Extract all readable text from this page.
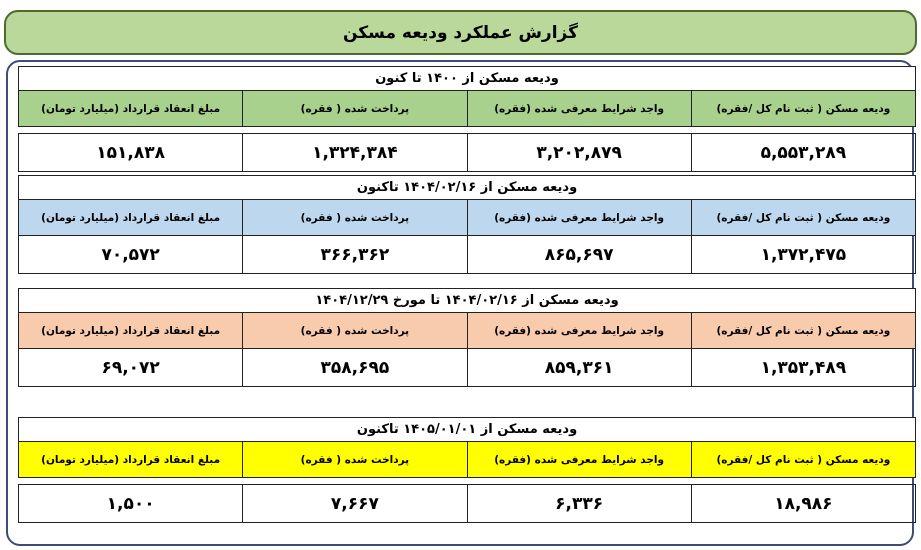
گزارش عملکرد ودیعه مسکن
ودیعه مسکن از ۱۴۰۰ تا کنون
ودیعه مسکن ( ثبت نام کل /فقره)	واجد شرایط معرفی شده (فقره)	پرداخت شده ( فقره)	مبلغ انعقاد قرارداد (میلیارد تومان)

۵,۵۵۳,۲۸۹	۳,۲۰۲,۸۷۹	۱,۳۲۴,۳۸۴	۱۵۱,۸۳۸
ودیعه مسکن از ۱۴۰۴/۰۲/۱۶ تاکنون
ودیعه مسکن ( ثبت نام کل /فقره)	واجد شرایط معرفی شده (فقره)	پرداخت شده ( فقره)	مبلغ انعقاد قرارداد (میلیارد تومان)
۱,۳۷۲,۴۷۵	۸۶۵,۶۹۷	۳۶۶,۳۶۲	۷۰,۵۷۲
ودیعه مسکن از ۱۴۰۴/۰۲/۱۶ تا مورخ ۱۴۰۴/۱۲/۲۹
ودیعه مسکن ( ثبت نام کل /فقره)	واجد شرایط معرفی شده (فقره)	پرداخت شده ( فقره)	مبلغ انعقاد قرارداد (میلیارد تومان)
۱,۳۵۳,۴۸۹	۸۵۹,۳۶۱	۳۵۸,۶۹۵	۶۹,۰۷۲
ودیعه مسکن از ۱۴۰۵/۰۱/۰۱ تاکنون
ودیعه مسکن ( ثبت نام کل /فقره)	واجد شرایط معرفی شده (فقره)	پرداخت شده ( فقره)	مبلغ انعقاد قرارداد (میلیارد تومان)

۱۸,۹۸۶	۶,۳۳۶	۷,۶۶۷	۱,۵۰۰
